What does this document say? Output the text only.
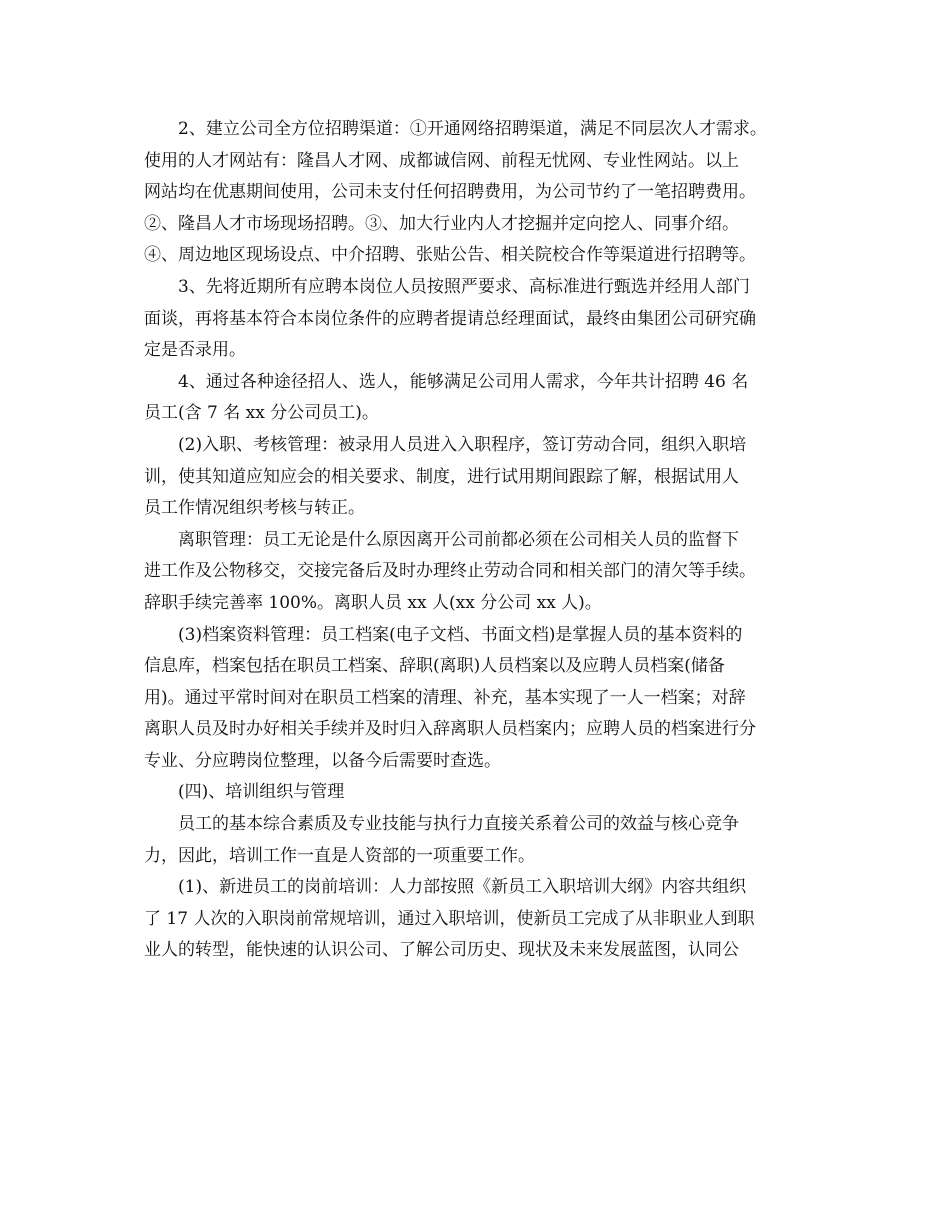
2、建立公司全方位招聘渠道：①开通网络招聘渠道，满足不同层次人才需求。
使用的人才网站有：隆昌人才网、成都诚信网、前程无忧网、专业性网站。以上
网站均在优惠期间使用，公司未支付任何招聘费用，为公司节约了一笔招聘费用。
②、隆昌人才市场现场招聘。③、加大行业内人才挖掘并定向挖人、同事介绍。
④、周边地区现场设点、中介招聘、张贴公告、相关院校合作等渠道进行招聘等。
3、先将近期所有应聘本岗位人员按照严要求、高标准进行甄选并经用人部门
面谈，再将基本符合本岗位条件的应聘者提请总经理面试，最终由集团公司研究确
定是否录用。
4、通过各种途径招人、选人，能够满足公司用人需求，今年共计招聘 46 名
员工(含 7 名 xx 分公司员工)。
(2)入职、考核管理：被录用人员进入入职程序，签订劳动合同，组织入职培
训，使其知道应知应会的相关要求、制度，进行试用期间跟踪了解，根据试用人
员工作情况组织考核与转正。
离职管理：员工无论是什么原因离开公司前都必须在公司相关人员的监督下
进工作及公物移交，交接完备后及时办理终止劳动合同和相关部门的清欠等手续。
辞职手续完善率 100%。离职人员 xx 人(xx 分公司 xx 人)。
(3)档案资料管理：员工档案(电子文档、书面文档)是掌握人员的基本资料的
信息库，档案包括在职员工档案、辞职(离职)人员档案以及应聘人员档案(储备
用)。通过平常时间对在职员工档案的清理、补充，基本实现了一人一档案；对辞
离职人员及时办好相关手续并及时归入辞离职人员档案内；应聘人员的档案进行分
专业、分应聘岗位整理，以备今后需要时查选。
(四)、培训组织与管理
员工的基本综合素质及专业技能与执行力直接关系着公司的效益与核心竞争
力，因此，培训工作一直是人资部的一项重要工作。
(1)、新进员工的岗前培训：人力部按照《新员工入职培训大纲》内容共组织
了 17 人次的入职岗前常规培训，通过入职培训，使新员工完成了从非职业人到职
业人的转型，能快速的认识公司、了解公司历史、现状及未来发展蓝图，认同公
